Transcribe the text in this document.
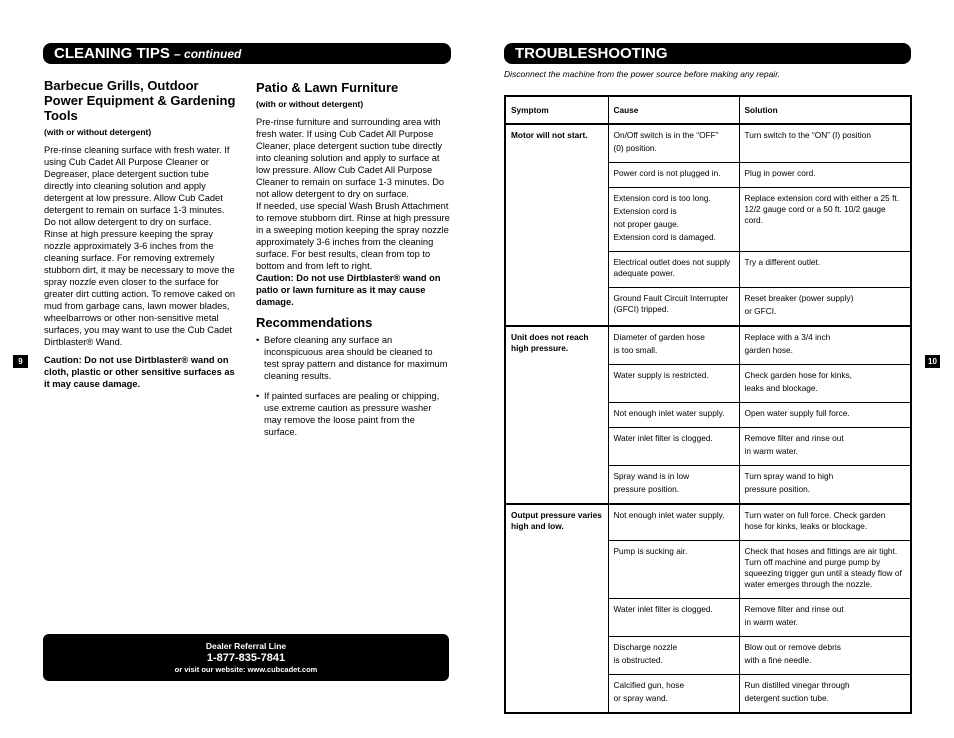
CLEANING TIPS – continued
Barbecue Grills, Outdoor Power Equipment & Gardening Tools
(with or without detergent)

Pre-rinse cleaning surface with fresh water. If using Cub Cadet All Purpose Cleaner or Degreaser, place detergent suction tube directly into cleaning solution and apply detergent at low pressure. Allow Cub Cadet detergent to remain on surface 1-3 minutes. Do not allow detergent to dry on surface. Rinse at high pressure keeping the spray nozzle approximately 3-6 inches from the cleaning surface. For removing extremely stubborn dirt, it may be necessary to move the spray nozzle even closer to the surface for greater dirt cutting action. To remove caked on mud from garbage cans, lawn mower blades, wheelbarrows or other non-sensitive metal surfaces, you may want to use the Cub Cadet Dirtblaster® Wand.

Caution: Do not use Dirtblaster® wand on cloth, plastic or other sensitive surfaces as it may cause damage.

Patio & Lawn Furniture
(with or without detergent)

Pre-rinse furniture and surrounding area with fresh water. If using Cub Cadet All Purpose Cleaner, place detergent suction tube directly into cleaning solution and apply to surface at low pressure. Allow Cub Cadet All Purpose Cleaner to remain on surface 1-3 minutes. Do not allow detergent to dry on surface.

If needed, use special Wash Brush Attachment to remove stubborn dirt. Rinse at high pressure in a sweeping motion keeping the spray nozzle approximately 3-6 inches from the cleaning surface. For best results, clean from top to bottom and from left to right.

Caution: Do not use Dirtblaster® wand on patio or lawn furniture as it may cause damage.

Recommendations
• Before cleaning any surface an inconspicuous area should be cleaned to test spray pattern and distance for maximum cleaning results.
• If painted surfaces are pealing or chipping, use extreme caution as pressure washer may remove the loose paint from the surface.
9
Dealer Referral Line
1-877-835-7841
or visit our website: www.cubcadet.com
TROUBLESHOOTING
Disconnect the machine from the power source before making any repair.
10
Symptom	Cause	Solution
Motor will not start.	On/Off switch is in the “OFF”
(0) position.	Turn switch to the “ON” (I) position

	Power cord is not plugged in.	Plug in power cord.

	Extension cord is too long.
Extension cord is
not proper gauge.
Extension cord is damaged.	Replace extension cord with either a 25 ft. 12/2 gauge cord or a 50 ft. 10/2 gauge cord.

	Electrical outlet does not supply adequate power.	Try a different outlet.

	Ground Fault Circuit Interrupter (GFCI) tripped.	Reset breaker (power supply)
or GFCI.

Unit does not reach high pressure.	Diameter of garden hose
is too small.	Replace with a 3/4 inch
garden hose.

	Water supply is restricted.	Check garden hose for kinks,
leaks and blockage.

	Not enough inlet water supply.	Open water supply full force.

	Water inlet filter is clogged.	Remove filter and rinse out
in warm water.

	Spray wand is in low
pressure position.	Turn spray wand to high
pressure position.

Output pressure varies high and low.	Not enough inlet water supply.	Turn water on full force. Check garden hose for kinks, leaks or blockage.

	Pump is sucking air.	Check that hoses and fittings are air tight. Turn off machine and purge pump by squeezing trigger gun until a steady flow of water emerges through the nozzle.

	Water inlet filter is clogged.	Remove filter and rinse out
in warm water.

	Discharge nozzle
is obstructed.	Blow out or remove debris
with a fine needle.

	Calcified gun, hose
or spray wand.	Run distilled vinegar through
detergent suction tube.
